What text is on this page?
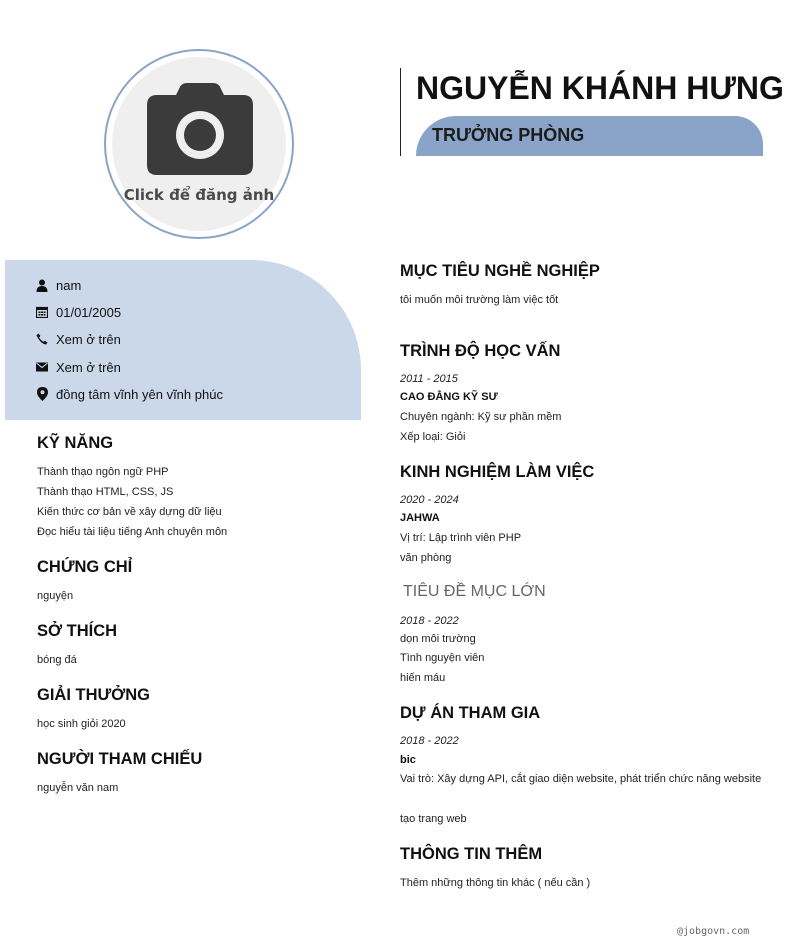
Click để đăng ảnh
NGUYỄN KHÁNH HƯNG
TRƯỞNG PHÒNG
nam
01/01/2005
Xem ở trên
Xem ở trên
đồng tâm vĩnh yên vĩnh phúc
KỸ NĂNG
Thành thạo ngôn ngữ PHP
Thành thạo HTML, CSS, JS
Kiến thức cơ bản về xây dựng dữ liệu
Đọc hiểu tài liệu tiếng Anh chuyên môn
CHỨNG CHỈ
nguyện
SỞ THÍCH
bóng đá
GIẢI THƯỞNG
học sinh giỏi 2020
NGƯỜI THAM CHIẾU
nguyễn văn nam
MỤC TIÊU NGHỀ NGHIỆP
tôi muốn môi trường làm việc tốt
TRÌNH ĐỘ HỌC VẤN
2011 - 2015
CAO ĐẲNG KỸ SƯ
Chuyên ngành: Kỹ sư phần mềm
Xếp loại: Giỏi
KINH NGHIỆM LÀM VIỆC
2020 - 2024
JAHWA
Vị trí: Lập trình viên PHP
văn phòng
TIÊU ĐỀ MỤC LỚN
2018 - 2022
dọn môi trường
Tình nguyện viên
hiến máu
DỰ ÁN THAM GIA
2018 - 2022
bic
Vai trò: Xây dựng API, cắt giao diện website, phát triển chức năng website
tạo trang web
THÔNG TIN THÊM
Thêm những thông tin khác ( nếu cần )
@jobgovn.com
